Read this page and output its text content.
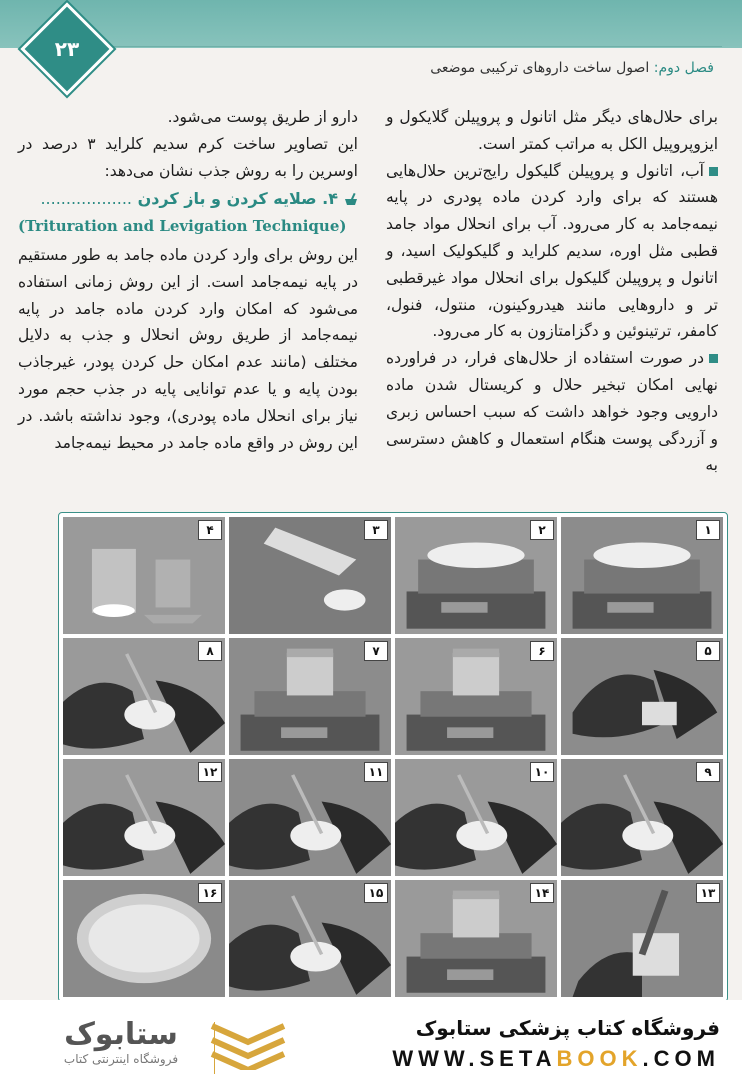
۲۳
فصل دوم: اصول ساخت داروهای ترکیبی موضعی

برای حلال‌های دیگر مثل اتانول و پروپیلن گلایکول و ایزوپروپیل الکل به مراتب کمتر است.

آب، اتانول و پروپیلن گلیکول رایج‌ترین حلال‌هایی هستند که برای وارد کردن ماده پودری در پایه نیمه‌جامد به کار می‌رود. آب برای انحلال مواد جامد قطبی مثل اوره، سدیم کلراید و گلیکولیک اسید، و اتانول و پروپیلن گلیکول برای انحلال مواد غیرقطبی تر و داروهایی مانند هیدروکینون، منتول، فنول، کامفر، ترتینوئین و دگزامتازون به کار می‌رود.

در صورت استفاده از حلال‌های فرار، در فراورده نهایی امکان تبخیر حلال و کریستال شدن ماده دارویی وجود خواهد داشت که سبب احساس زبری و آزردگی پوست هنگام استعمال و کاهش دسترسی به

دارو از طریق پوست می‌شود.

این تصاویر ساخت کرم سدیم کلراید ۳ درصد در اوسرین را به روش جذب نشان می‌دهد:

۴. صلایه کردن و باز کردن ..................
(Trituration and Levigation Technique)

این روش برای وارد کردن ماده جامد به طور مستقیم در پایه نیمه‌جامد است. از این روش زمانی استفاده می‌شود که امکان وارد کردن ماده جامد در پایه نیمه‌جامد از طریق روش انحلال و جذب به دلایل مختلف (مانند عدم امکان حل کردن پودر، غیرجاذب بودن پایه و یا عدم توانایی پایه در جذب حجم مورد نیاز برای انحلال ماده پودری)، وجود نداشته باشد. در این روش در واقع ماده جامد در محیط نیمه‌جامد

۱
۲
۳
۴
۵
۶
۷
۸
۹
۱۰
۱۱
۱۲
۱۳
۱۴
۱۵
۱۶
ستابوک
فروشگاه اینترنتی کتاب
فروشگاه کتاب پزشکی ستابوک
WWW.SETABOOK.COM
